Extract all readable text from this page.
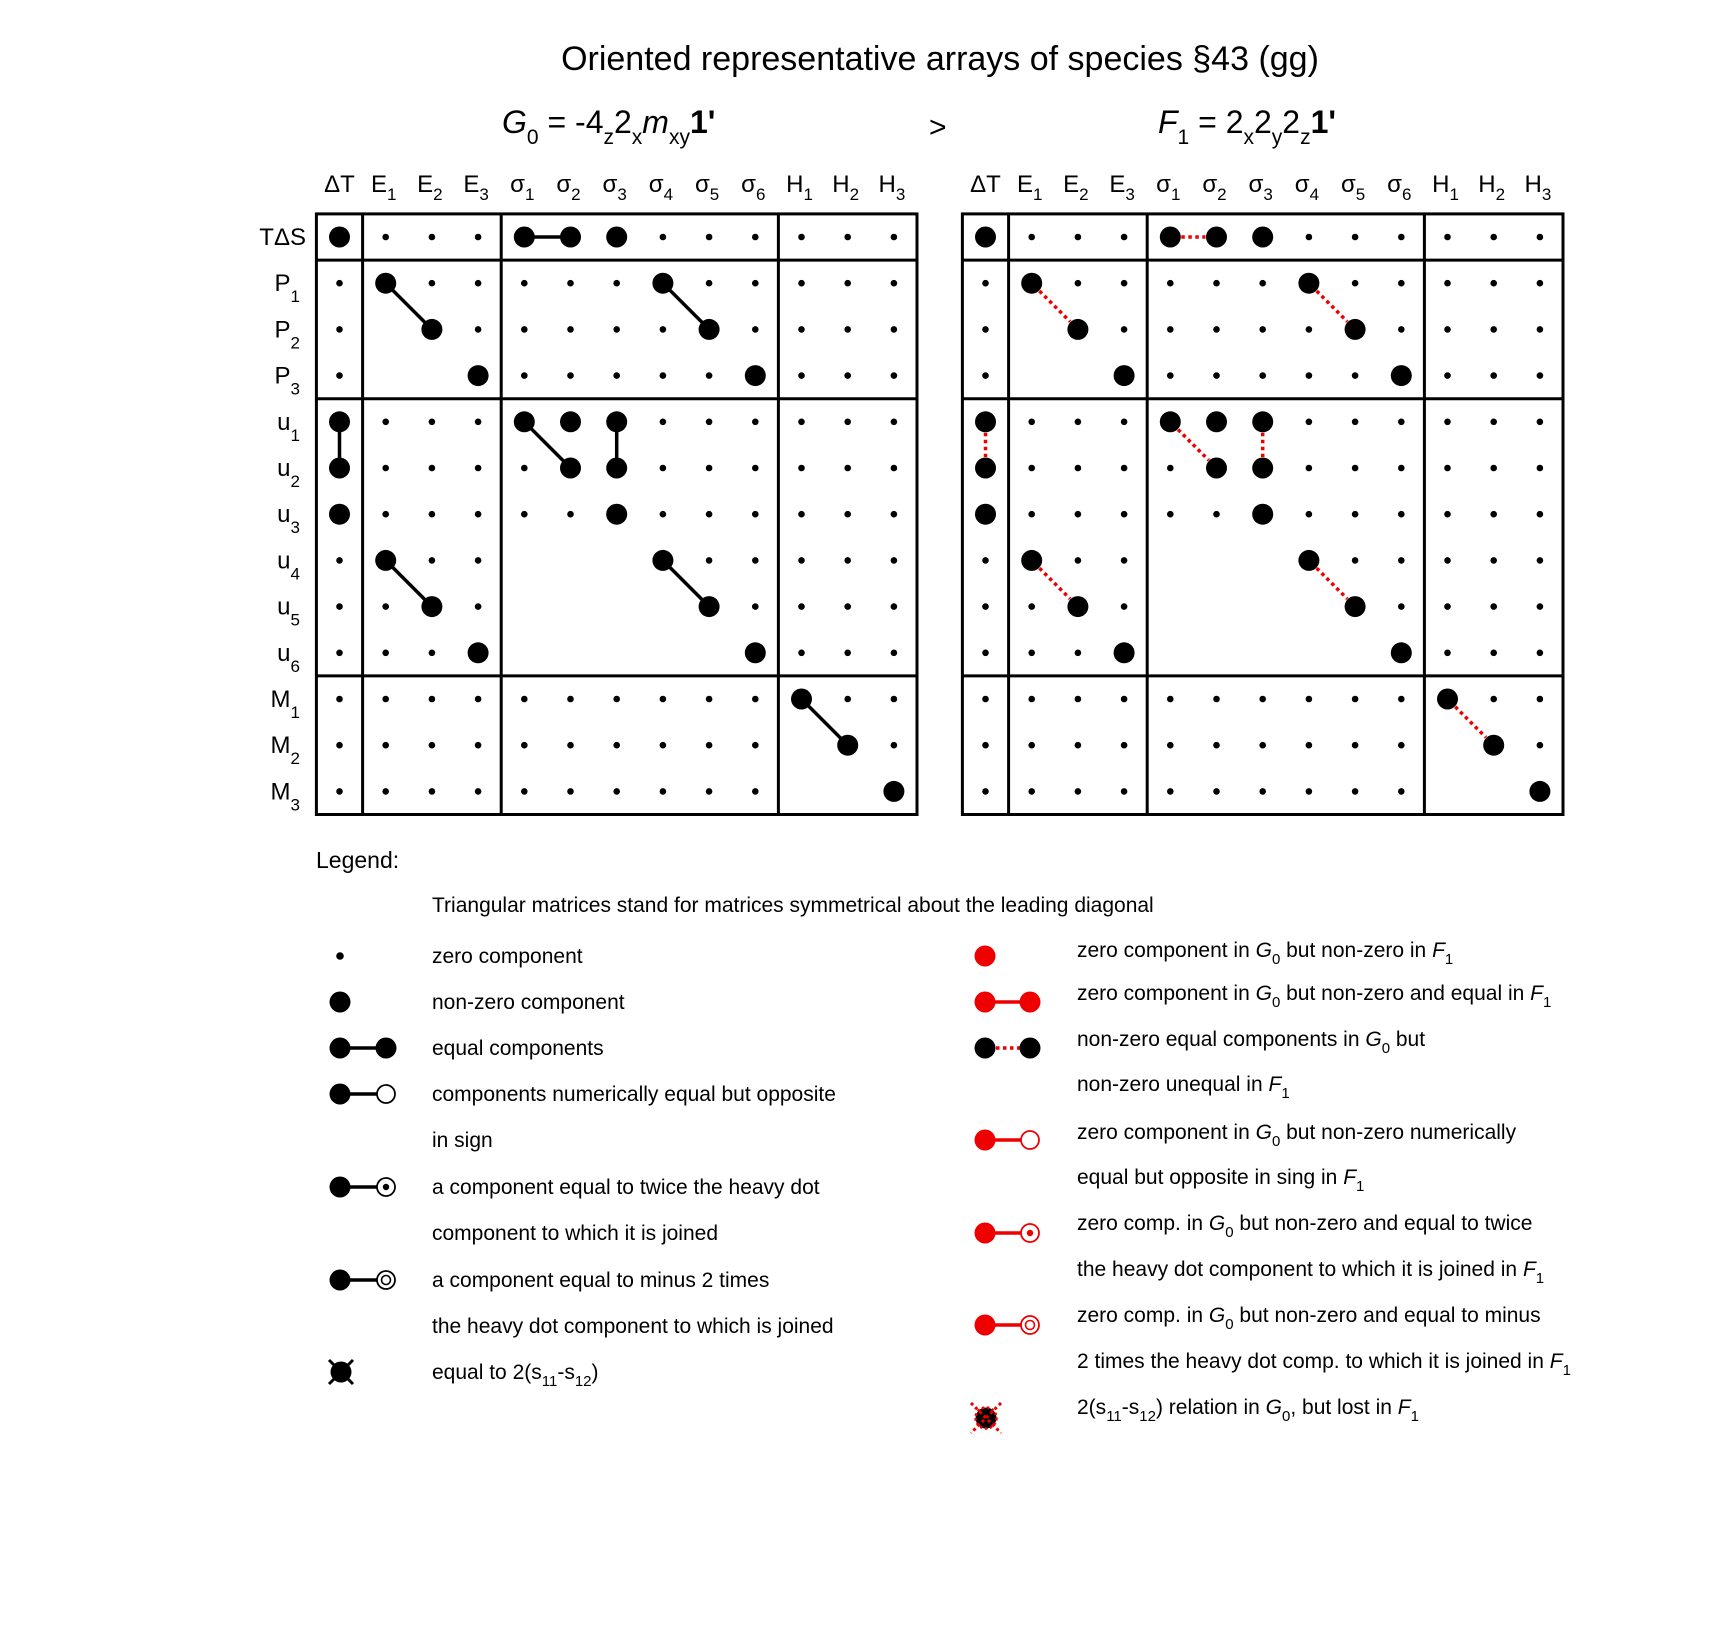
Oriented representative arrays of species §43 (gg)
$G_0 = -4_z2_xm_{xy}1'$	>	$F_1 = 2_x2_y2_z1'$
ΔT $E_1$ $E_2$ $E_3$ $\sigma_1$ $\sigma_2$ $\sigma_3$ $\sigma_4$ $\sigma_5$ $\sigma_6$ $H_1$ $H_2$ $H_3$
TΔS
$P_1$
$P_2$
$P_3$
$u_1$
$u_2$
$u_3$
$u_4$
$u_5$
$u_6$
$M_1$
$M_2$
$M_3$
ΔT $E_1$ $E_2$ $E_3$ $\sigma_1$ $\sigma_2$ $\sigma_3$ $\sigma_4$ $\sigma_5$ $\sigma_6$ $H_1$ $H_2$ $H_3$
Legend:
Triangular matrices stand for matrices symmetrical about the leading diagonal
zero component
non-zero component
equal components
components numerically equal but opposite
in sign
a component equal to twice the heavy dot
component to which it is joined
a component equal to minus 2 times
the heavy dot component to which is joined
equal to $2(s_{11}-s_{12})$
zero component in $G_0$ but non-zero in $F_1$
zero component in $G_0$ but non-zero and equal in $F_1$
non-zero equal components in $G_0$ but
non-zero unequal in $F_1$
zero component in $G_0$ but non-zero numerically
equal but opposite in sing in $F_1$
zero comp. in $G_0$ but non-zero and equal to twice
the heavy dot component to which it is joined in $F_1$
zero comp. in $G_0$ but non-zero and equal to minus
2 times the heavy dot comp. to which it is joined in $F_1$
$2(s_{11}-s_{12})$ relation in $G_0$, but lost in $F_1$
